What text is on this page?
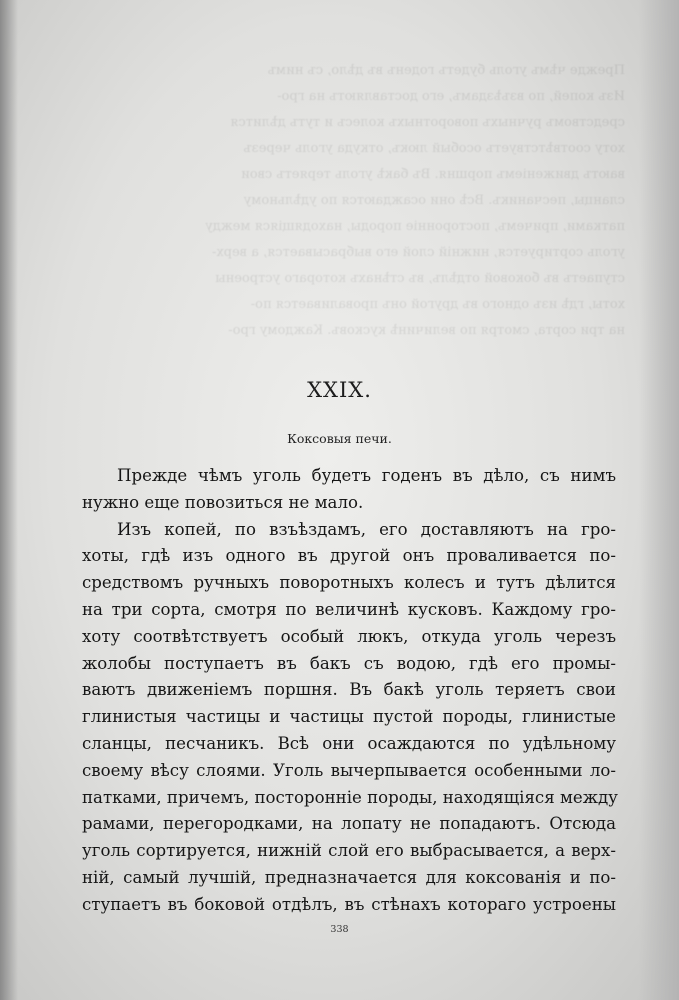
Прежде чѣмъ уголь будетъ годенъ въ дѣло, съ нимъ
Изъ копей, по взъѣздамъ, его доставляютъ на гро-
средствомъ ручныхъ поворотныхъ колесъ и тутъ дѣлится
хоту соотвѣтствуетъ особый люкъ, откуда уголь черезъ
ваютъ движеніемъ поршня. Въ бакѣ уголь теряетъ свои
сланцы, песчаникъ. Всѣ они осаждаются по удѣльному
патками, причемъ, посторонніе породы, находящіяся между
уголь сортируется, нижній слой его выбрасывается, а верх-
ступаетъ въ боковой отдѣлъ, въ стѣнахъ котораго устроены
хоты, гдѣ изъ одного въ другой онъ проваливается по-
на три сорта, смотря по величинѣ кусковъ. Каждому гро-
XXIX.
Коксовыя печи.
Прежде чѣмъ уголь будетъ годенъ въ дѣло, съ нимъ
нужно еще повозиться не мало.
Изъ копей, по взъѣздамъ, его доставляютъ на гро-
хоты, гдѣ изъ одного въ другой онъ проваливается по-
средствомъ ручныхъ поворотныхъ колесъ и тутъ дѣлится
на три сорта, смотря по величинѣ кусковъ. Каждому гро-
хоту соотвѣтствуетъ особый люкъ, откуда уголь черезъ
жолобы поступаетъ въ бакъ съ водою, гдѣ его промы-
ваютъ движеніемъ поршня. Въ бакѣ уголь теряетъ свои
глинистыя частицы и частицы пустой породы, глинистые
сланцы, песчаникъ. Всѣ они осаждаются по удѣльному
своему вѣсу слоями. Уголь вычерпывается особенными ло-
патками, причемъ, посторонніе породы, находящіяся между
рамами, перегородками, на лопату не попадаютъ. Отсюда
уголь сортируется, нижній слой его выбрасывается, а верх-
ній, самый лучшій, предназначается для коксованія и по-
ступаетъ въ боковой отдѣлъ, въ стѣнахъ котораго устроены
338
